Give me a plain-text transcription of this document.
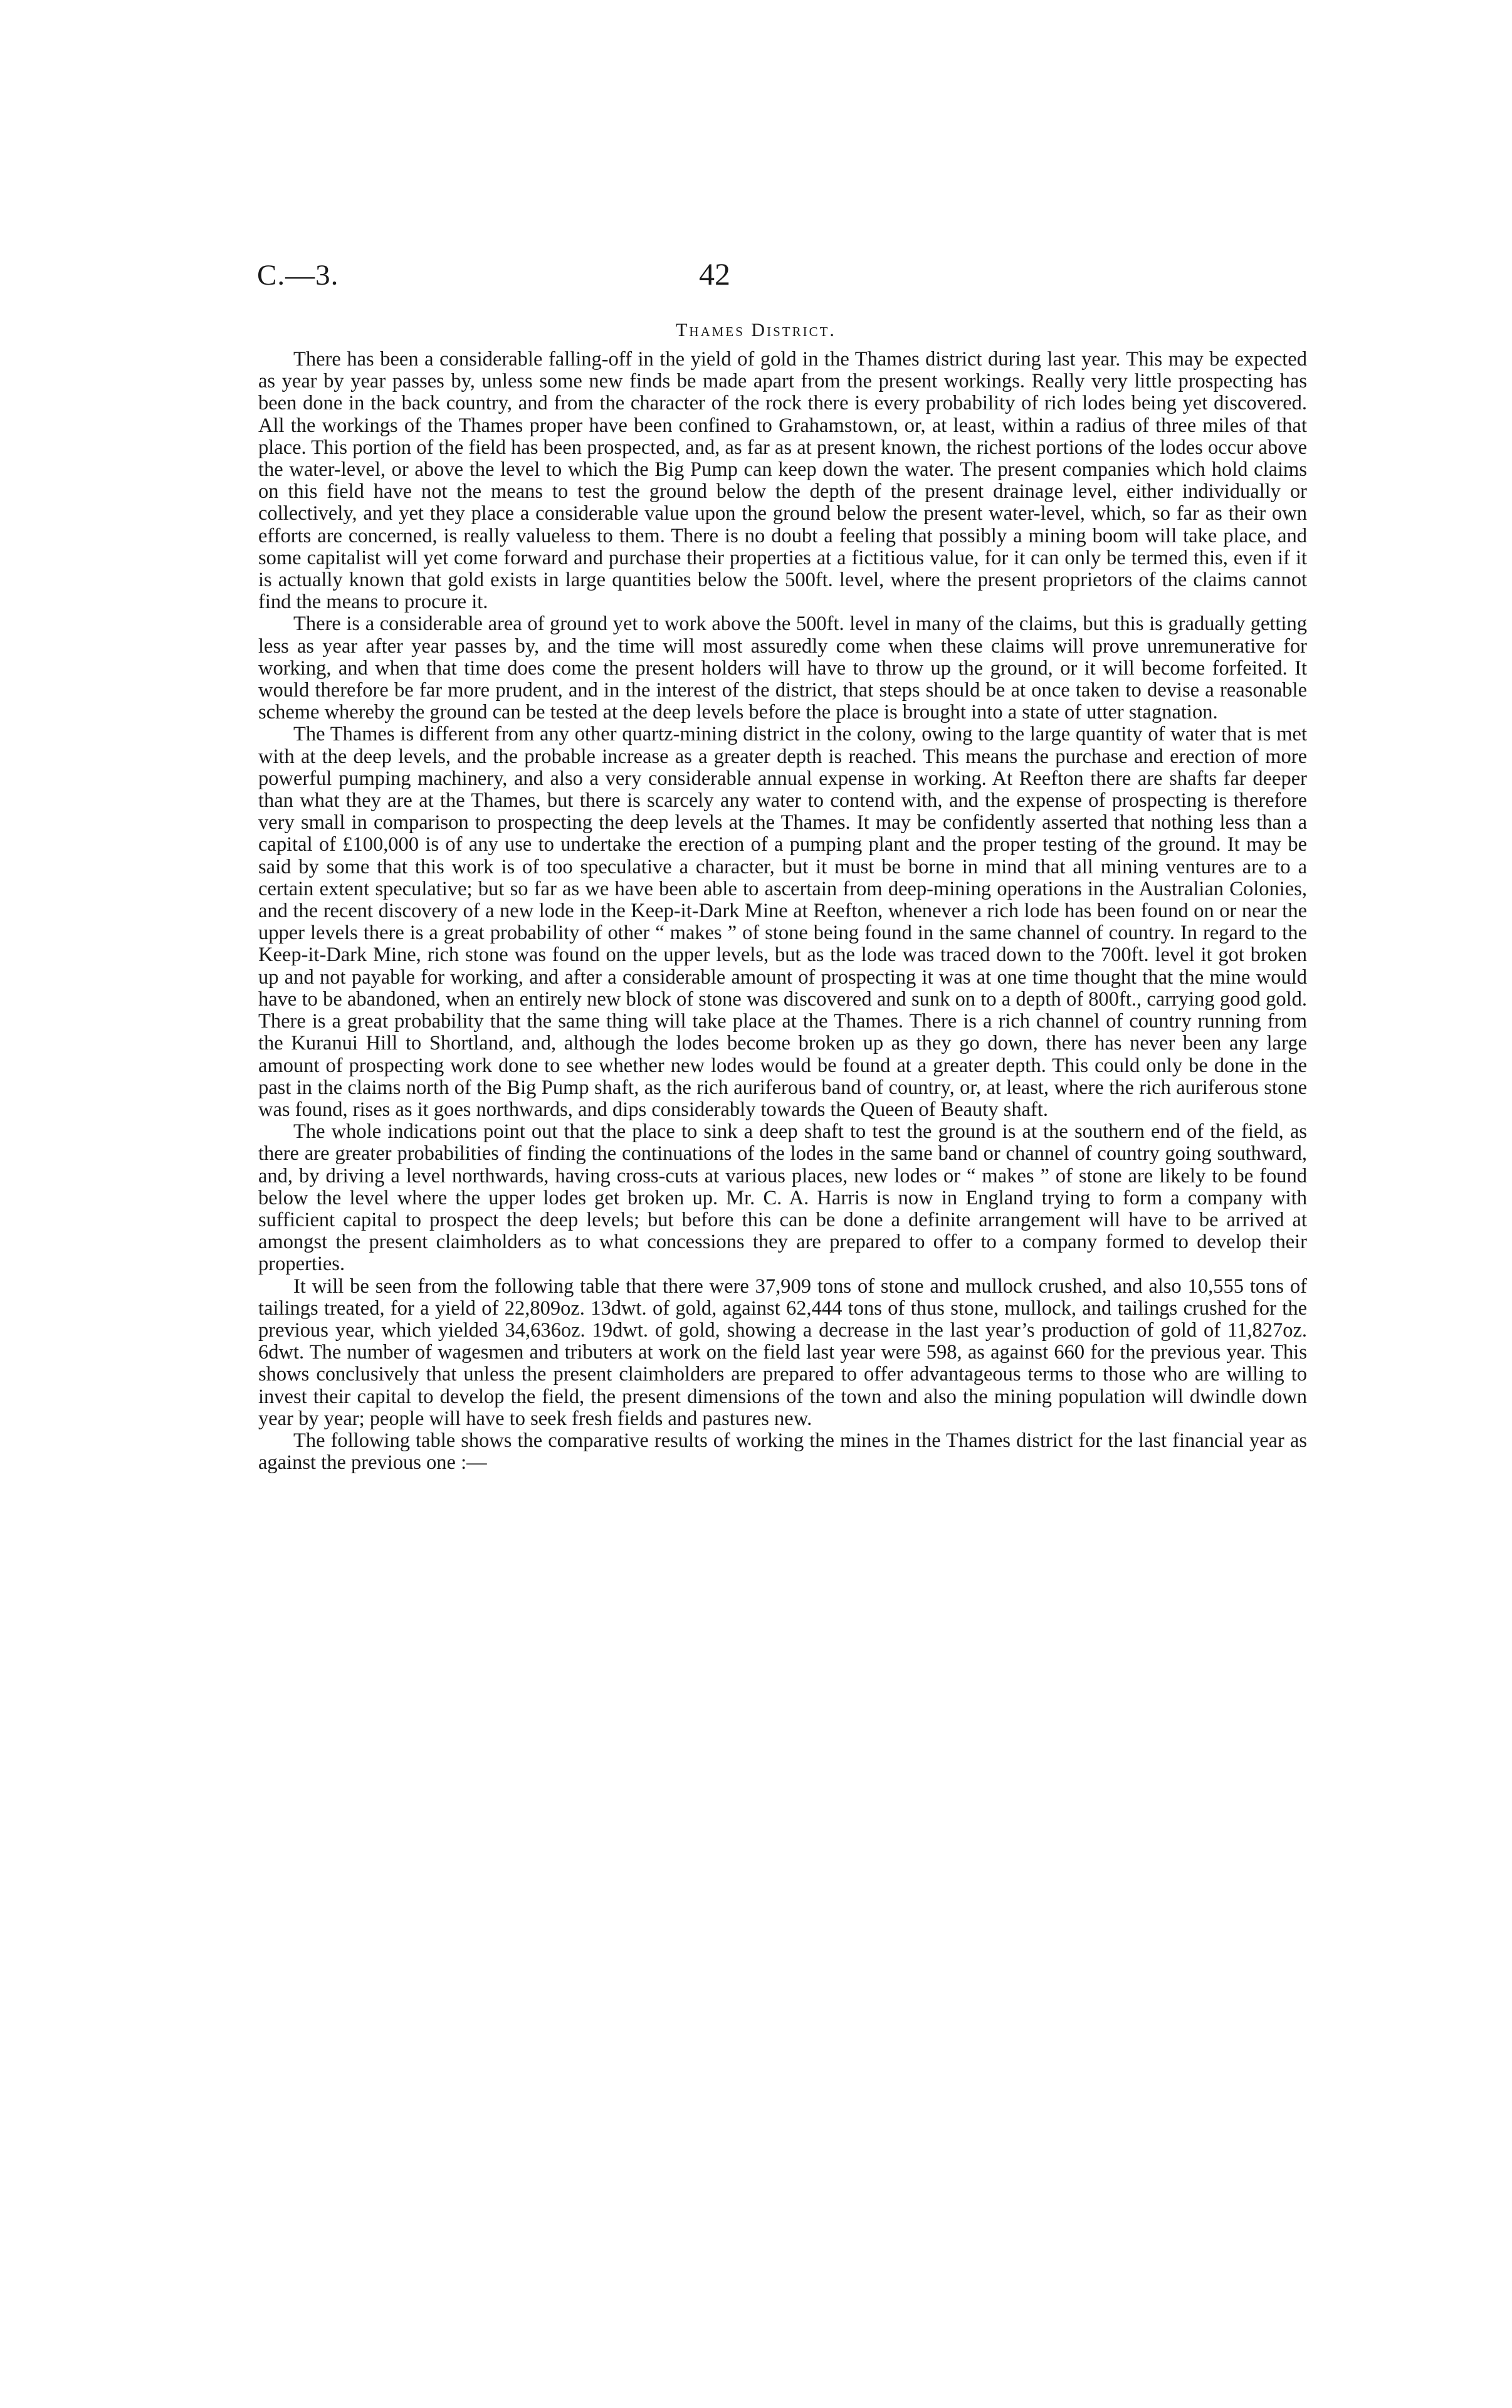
C.—3.	42
Thames District.

There has been a considerable falling-off in the yield of gold in the Thames district during last year. This may be expected as year by year passes by, unless some new finds be made apart from the present workings. Really very little prospecting has been done in the back country, and from the character of the rock there is every probability of rich lodes being yet discovered. All the workings of the Thames proper have been confined to Grahamstown, or, at least, within a radius of three miles of that place. This portion of the field has been prospected, and, as far as at present known, the richest portions of the lodes occur above the water-level, or above the level to which the Big Pump can keep down the water. The present companies which hold claims on this field have not the means to test the ground below the depth of the present drainage level, either individually or collectively, and yet they place a considerable value upon the ground below the present water-level, which, so far as their own efforts are concerned, is really valueless to them. There is no doubt a feeling that possibly a mining boom will take place, and some capitalist will yet come forward and purchase their properties at a fictitious value, for it can only be termed this, even if it is actually known that gold exists in large quantities below the 500ft. level, where the present proprietors of the claims cannot find the means to procure it.

There is a considerable area of ground yet to work above the 500ft. level in many of the claims, but this is gradually getting less as year after year passes by, and the time will most assuredly come when these claims will prove unremunerative for working, and when that time does come the present holders will have to throw up the ground, or it will become forfeited. It would therefore be far more prudent, and in the interest of the district, that steps should be at once taken to devise a reasonable scheme whereby the ground can be tested at the deep levels before the place is brought into a state of utter stagnation.

The Thames is different from any other quartz-mining district in the colony, owing to the large quantity of water that is met with at the deep levels, and the probable increase as a greater depth is reached. This means the purchase and erection of more powerful pumping machinery, and also a very considerable annual expense in working. At Reefton there are shafts far deeper than what they are at the Thames, but there is scarcely any water to contend with, and the expense of prospecting is therefore very small in comparison to prospecting the deep levels at the Thames. It may be confidently asserted that nothing less than a capital of £100,000 is of any use to undertake the erection of a pumping plant and the proper testing of the ground. It may be said by some that this work is of too speculative a character, but it must be borne in mind that all mining ventures are to a certain extent speculative; but so far as we have been able to ascertain from deep-mining operations in the Australian Colonies, and the recent discovery of a new lode in the Keep-it-Dark Mine at Reefton, whenever a rich lode has been found on or near the upper levels there is a great probability of other “ makes ” of stone being found in the same channel of country. In regard to the Keep-it-Dark Mine, rich stone was found on the upper levels, but as the lode was traced down to the 700ft. level it got broken up and not payable for working, and after a considerable amount of prospecting it was at one time thought that the mine would have to be abandoned, when an entirely new block of stone was discovered and sunk on to a depth of 800ft., carrying good gold. There is a great probability that the same thing will take place at the Thames. There is a rich channel of country running from the Kuranui Hill to Shortland, and, although the lodes become broken up as they go down, there has never been any large amount of prospecting work done to see whether new lodes would be found at a greater depth. This could only be done in the past in the claims north of the Big Pump shaft, as the rich auriferous band of country, or, at least, where the rich auriferous stone was found, rises as it goes northwards, and dips considerably towards the Queen of Beauty shaft.

The whole indications point out that the place to sink a deep shaft to test the ground is at the southern end of the field, as there are greater probabilities of finding the continuations of the lodes in the same band or channel of country going southward, and, by driving a level northwards, having cross-cuts at various places, new lodes or “ makes ” of stone are likely to be found below the level where the upper lodes get broken up. Mr. C. A. Harris is now in England trying to form a company with sufficient capital to prospect the deep levels; but before this can be done a definite arrangement will have to be arrived at amongst the present claimholders as to what concessions they are prepared to offer to a company formed to develop their properties.

It will be seen from the following table that there were 37,909 tons of stone and mullock crushed, and also 10,555 tons of tailings treated, for a yield of 22,809oz. 13dwt. of gold, against 62,444 tons of thus stone, mullock, and tailings crushed for the previous year, which yielded 34,636oz. 19dwt. of gold, showing a decrease in the last year’s production of gold of 11,827oz. 6dwt. The number of wagesmen and tributers at work on the field last year were 598, as against 660 for the previous year. This shows conclusively that unless the present claimholders are prepared to offer advantageous terms to those who are willing to invest their capital to develop the field, the present dimensions of the town and also the mining population will dwindle down year by year; people will have to seek fresh fields and pastures new.

The following table shows the comparative results of working the mines in the Thames district for the last financial year as against the previous one :—
